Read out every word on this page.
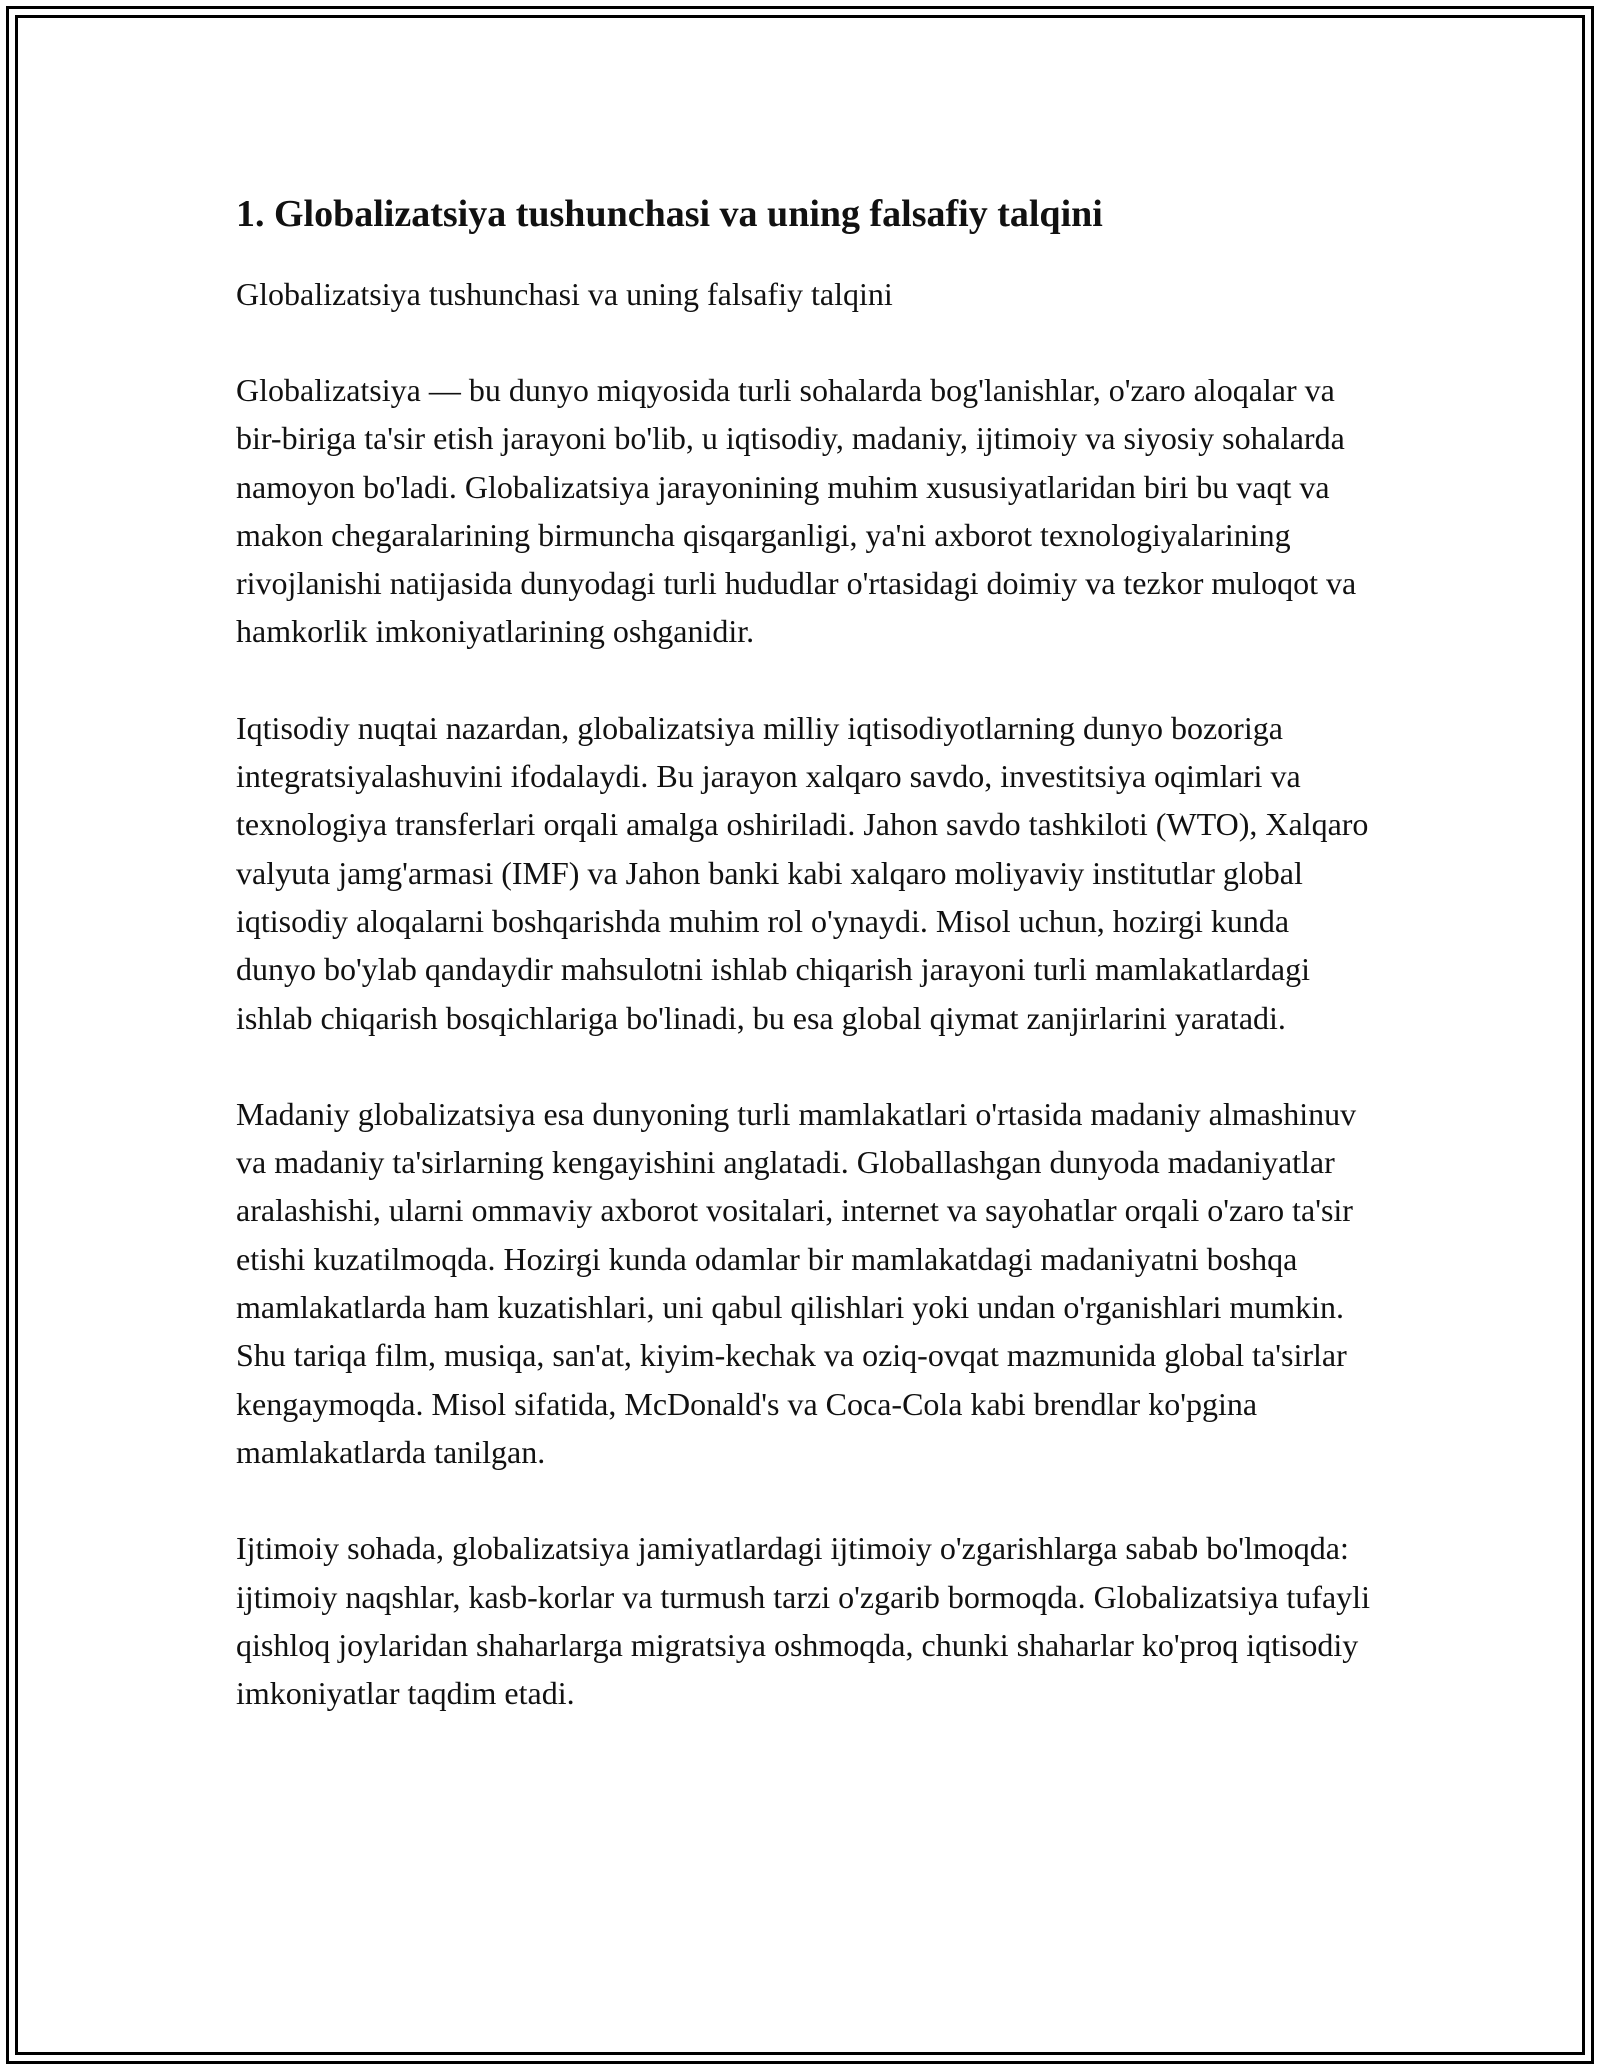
1. Globalizatsiya tushunchasi va uning falsafiy talqini

Globalizatsiya tushunchasi va uning falsafiy talqini

Globalizatsiya — bu dunyo miqyosida turli sohalarda bog'lanishlar, o'zaro aloqalar va bir-biriga ta'sir etish jarayoni bo'lib, u iqtisodiy, madaniy, ijtimoiy va siyosiy sohalarda namoyon bo'ladi. Globalizatsiya jarayonining muhim xususiyatlaridan biri bu vaqt va makon chegaralarining birmuncha qisqarganligi, ya'ni axborot texnologiyalarining rivojlanishi natijasida dunyodagi turli hududlar o'rtasidagi doimiy va tezkor muloqot va hamkorlik imkoniyatlarining oshganidir.

Iqtisodiy nuqtai nazardan, globalizatsiya milliy iqtisodiyotlarning dunyo bozoriga integratsiyalashuvini ifodalaydi. Bu jarayon xalqaro savdo, investitsiya oqimlari va texnologiya transferlari orqali amalga oshiriladi. Jahon savdo tashkiloti (WTO), Xalqaro valyuta jamg'armasi (IMF) va Jahon banki kabi xalqaro moliyaviy institutlar global iqtisodiy aloqalarni boshqarishda muhim rol o'ynaydi. Misol uchun, hozirgi kunda dunyo bo'ylab qandaydir mahsulotni ishlab chiqarish jarayoni turli mamlakatlardagi ishlab chiqarish bosqichlariga bo'linadi, bu esa global qiymat zanjirlarini yaratadi.

Madaniy globalizatsiya esa dunyoning turli mamlakatlari o'rtasida madaniy almashinuv va madaniy ta'sirlarning kengayishini anglatadi. Globallashgan dunyoda madaniyatlar aralashishi, ularni ommaviy axborot vositalari, internet va sayohatlar orqali o'zaro ta'sir etishi kuzatilmoqda. Hozirgi kunda odamlar bir mamlakatdagi madaniyatni boshqa mamlakatlarda ham kuzatishlari, uni qabul qilishlari yoki undan o'rganishlari mumkin. Shu tariqa film, musiqa, san'at, kiyim-kechak va oziq-ovqat mazmunida global ta'sirlar kengaymoqda. Misol sifatida, McDonald's va Coca-Cola kabi brendlar ko'pgina mamlakatlarda tanilgan.

Ijtimoiy sohada, globalizatsiya jamiyatlardagi ijtimoiy o'zgarishlarga sabab bo'lmoqda: ijtimoiy naqshlar, kasb-korlar va turmush tarzi o'zgarib bormoqda. Globalizatsiya tufayli qishloq joylaridan shaharlarga migratsiya oshmoqda, chunki shaharlar ko'proq iqtisodiy imkoniyatlar taqdim etadi.
